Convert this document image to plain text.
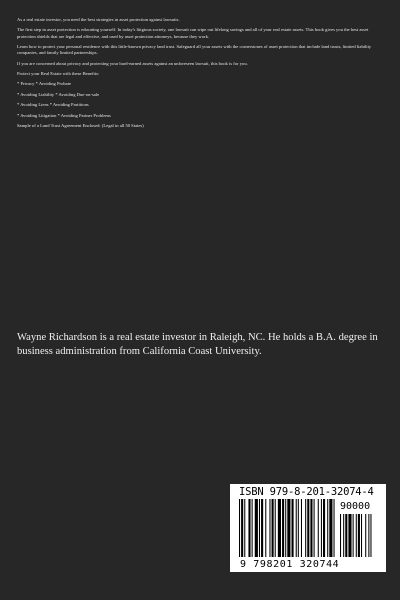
As a real estate investor, you need the best strategies in asset protection against lawsuits.

The first step in asset protection is educating yourself. In today's litigious society, one lawsuit can wipe out lifelong savings and all of your real estate assets. This book gives you the best asset protection shields that are legal and effective, and used by asset protection attorneys, because they work.

Learn how to protect your personal residence with this little-known privacy land trust. Safeguard all your assets with the cornerstones of asset protection that include land trusts, limited liability companies, and family limited partnerships.

If you are concerned about privacy and protecting your hard-earned assets against an unforeseen lawsuit, this book is for you.

Protect your Real Estate with these Benefits:

* Privacy * Avoiding Probate

* Avoiding Liability * Avoiding Due-on-sale

* Avoiding Liens * Avoiding Partitions

* Avoiding Litigation * Avoiding Partner Problems

Sample of a Land Trust Agreement Enclosed: (Legal in all 50 States)

Wayne Richardson is a real estate investor in Raleigh, NC. He holds a B.A. degree in business administration from California Coast University.
ISBN 979-8-201-32074-4
90000
9 798201 320744
